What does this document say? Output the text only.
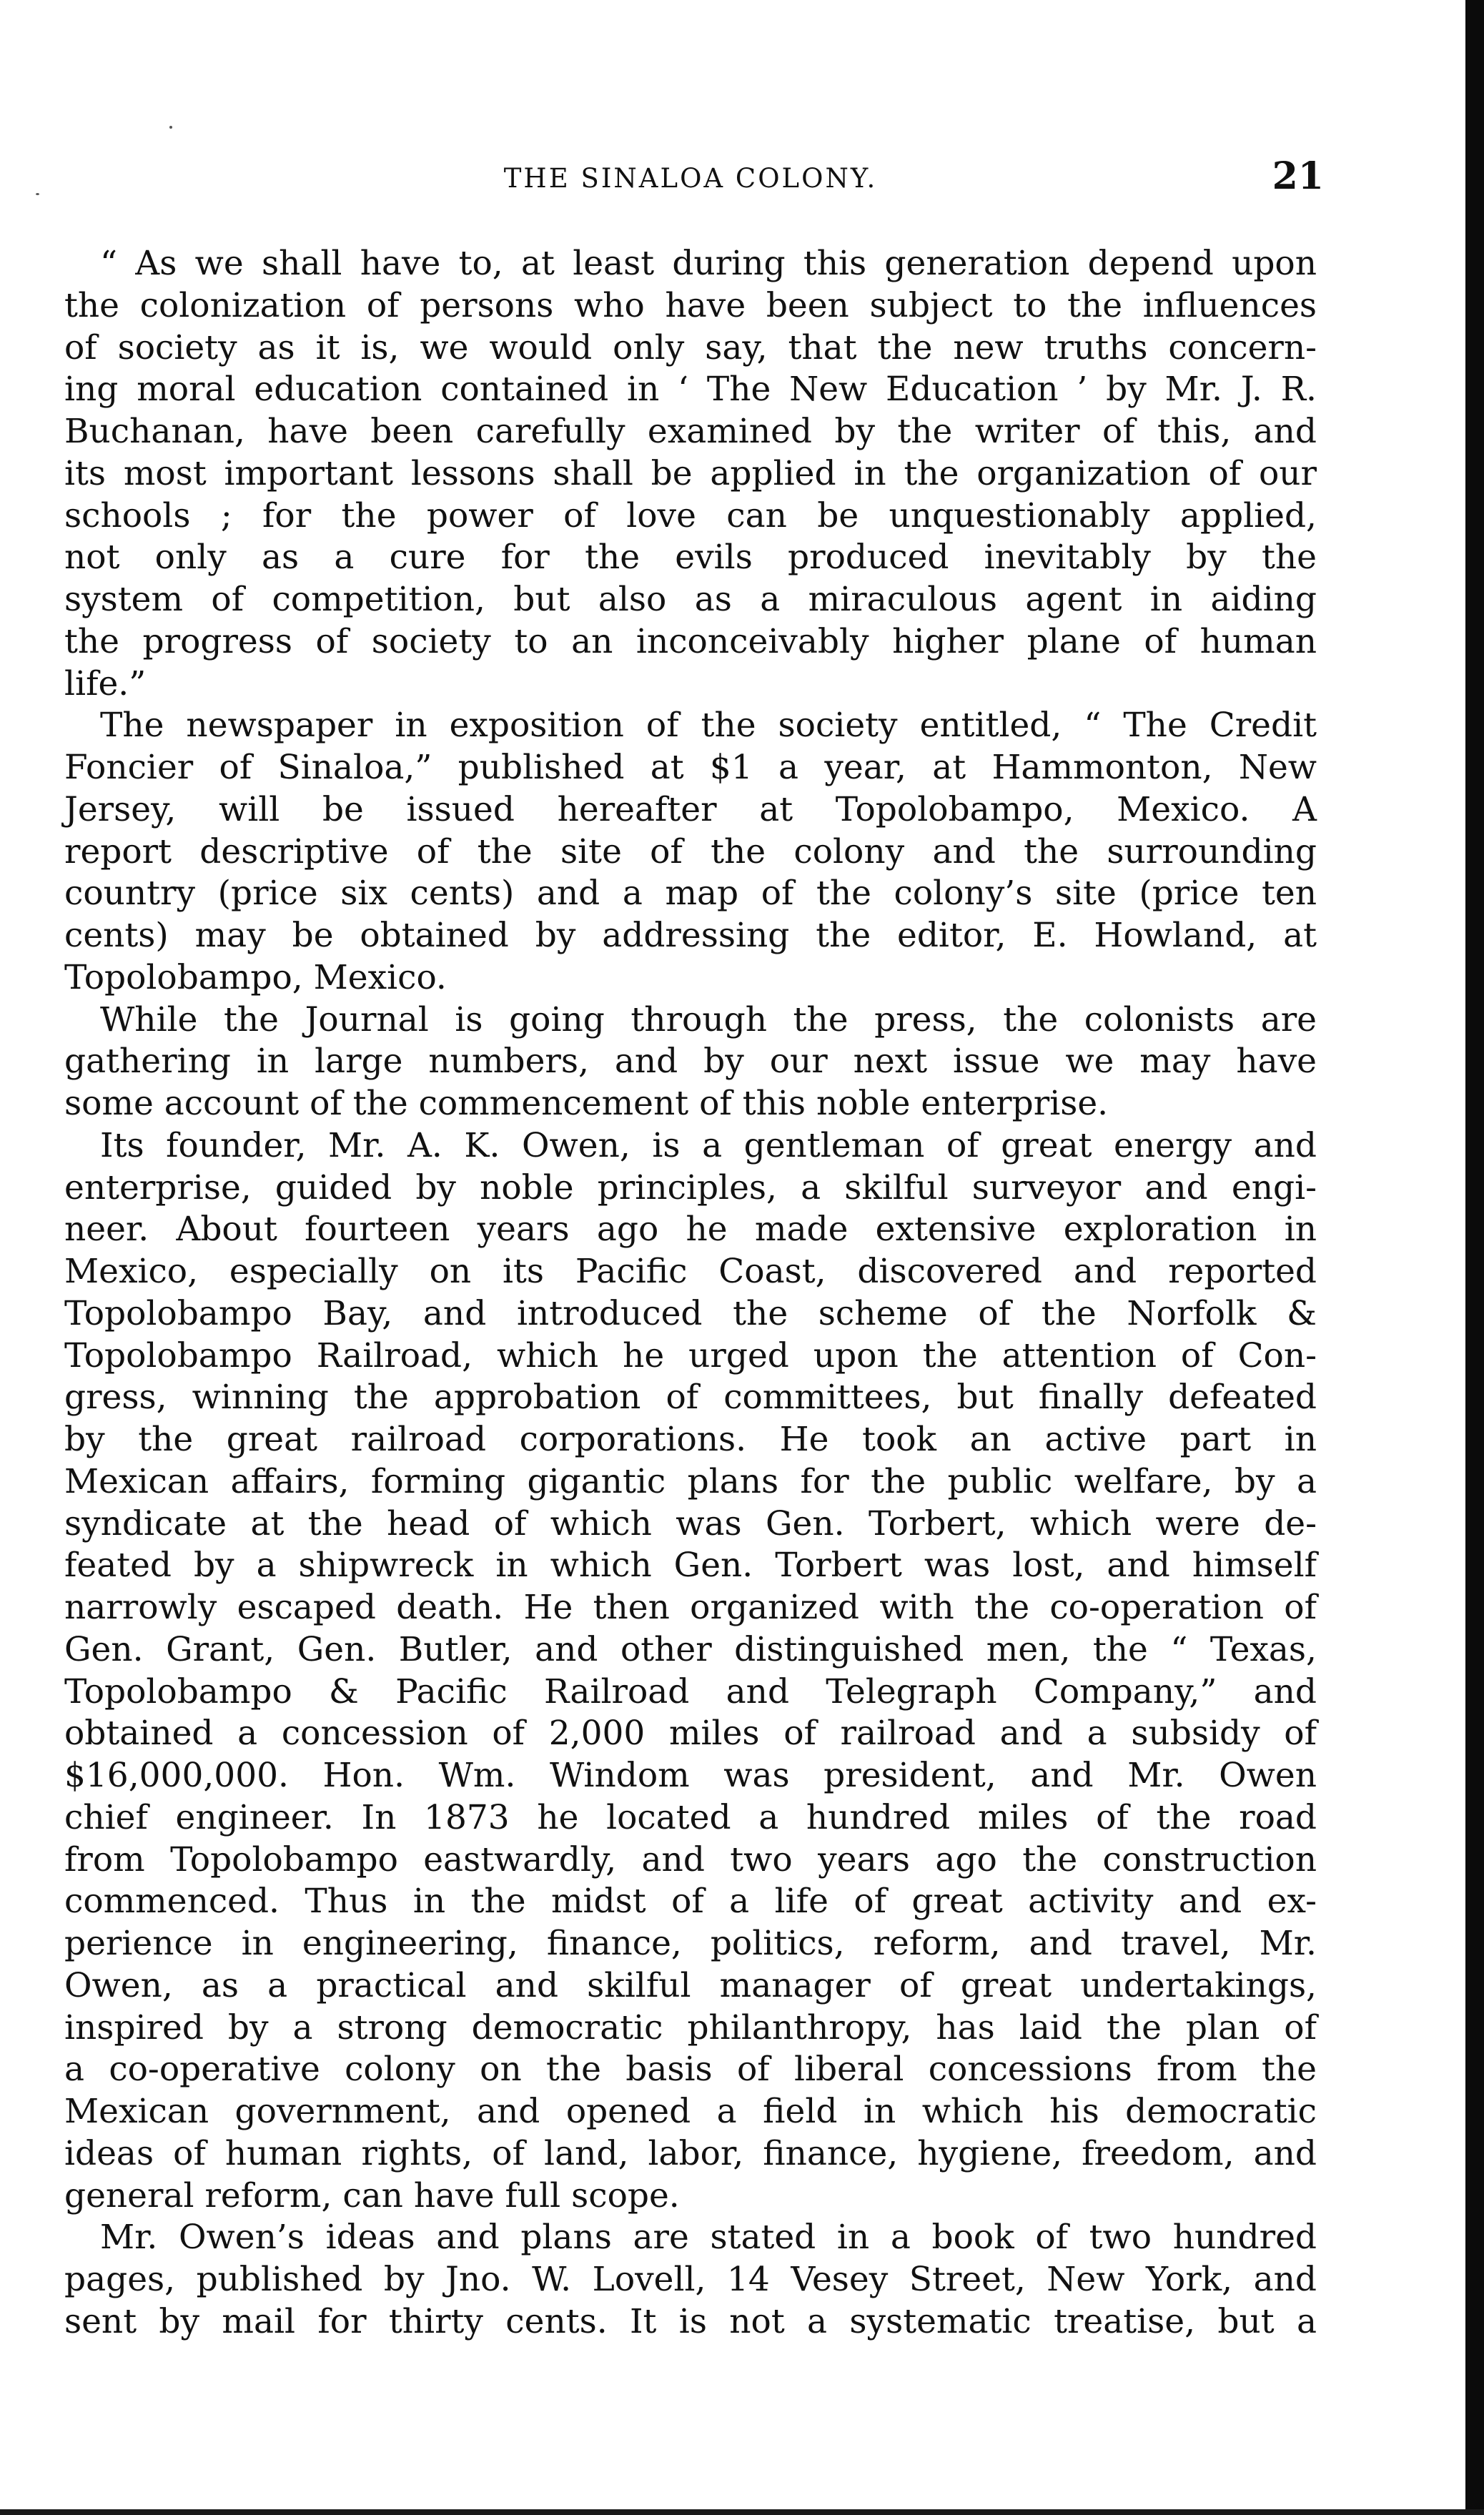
THE SINALOA COLONY.	21
“ As we shall have to, at least during this generation depend upon
the colonization of persons who have been subject to the influences
of society as it is, we would only say, that the new truths concern-
ing moral education contained in ‘ The New Education ’ by Mr. J. R.
Buchanan, have been carefully examined by the writer of this, and
its most important lessons shall be applied in the organization of our
schools ; for the power of love can be unquestionably applied,
not only as a cure for the evils produced inevitably by the
system of competition, but also as a miraculous agent in aiding
the progress of society to an inconceivably higher plane of human
life.”
The newspaper in exposition of the society entitled, “ The Credit
Foncier of Sinaloa,” published at $1 a year, at Hammonton, New
Jersey, will be issued hereafter at Topolobampo, Mexico. A
report descriptive of the site of the colony and the surrounding
country (price six cents) and a map of the colony’s site (price ten
cents) may be obtained by addressing the editor, E. Howland, at
Topolobampo, Mexico.
While the Journal is going through the press, the colonists are
gathering in large numbers, and by our next issue we may have
some account of the commencement of this noble enterprise.
Its founder, Mr. A. K. Owen, is a gentleman of great energy and
enterprise, guided by noble principles, a skilful surveyor and engi-
neer. About fourteen years ago he made extensive exploration in
Mexico, especially on its Pacific Coast, discovered and reported
Topolobampo Bay, and introduced the scheme of the Norfolk &
Topolobampo Railroad, which he urged upon the attention of Con-
gress, winning the approbation of committees, but finally defeated
by the great railroad corporations. He took an active part in
Mexican affairs, forming gigantic plans for the public welfare, by a
syndicate at the head of which was Gen. Torbert, which were de-
feated by a shipwreck in which Gen. Torbert was lost, and himself
narrowly escaped death. He then organized with the co-operation of
Gen. Grant, Gen. Butler, and other distinguished men, the “ Texas,
Topolobampo & Pacific Railroad and Telegraph Company,” and
obtained a concession of 2,000 miles of railroad and a subsidy of
$16,000,000. Hon. Wm. Windom was president, and Mr. Owen
chief engineer. In 1873 he located a hundred miles of the road
from Topolobampo eastwardly, and two years ago the construction
commenced. Thus in the midst of a life of great activity and ex-
perience in engineering, finance, politics, reform, and travel, Mr.
Owen, as a practical and skilful manager of great undertakings,
inspired by a strong democratic philanthropy, has laid the plan of
a co-operative colony on the basis of liberal concessions from the
Mexican government, and opened a field in which his democratic
ideas of human rights, of land, labor, finance, hygiene, freedom, and
general reform, can have full scope.
Mr. Owen’s ideas and plans are stated in a book of two hundred
pages, published by Jno. W. Lovell, 14 Vesey Street, New York, and
sent by mail for thirty cents. It is not a systematic treatise, but a
